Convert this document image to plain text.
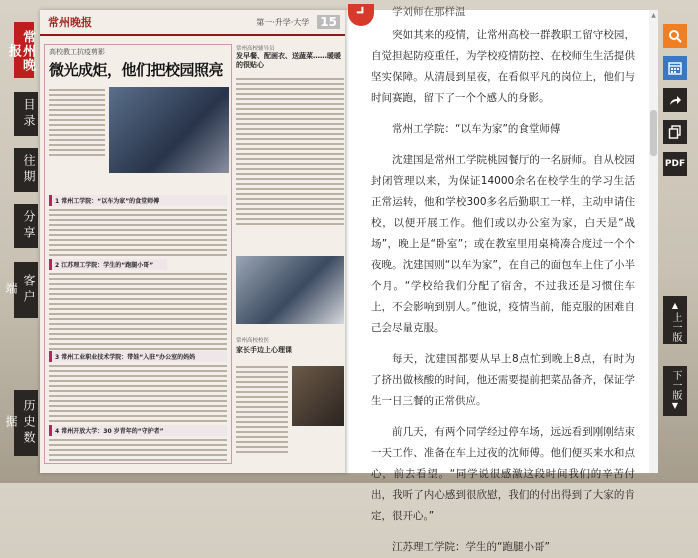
常州晚报
目录
往期
分享
客户端
历史数据
常州晚报	第一·升学·大学 15
高校教工抗疫剪影
微光成炬，他们把校园照亮
1 常州工学院：“以车为家”的食堂师傅
2 江苏理工学院：学生的“跑腿小哥”
3 常州工业职业技术学院：带娃“入驻”办公室的妈妈
4 常州开放大学：30 岁青年的“守护者”
常州高校辅导员
发早餐、配画衣、送蔬菜……暖暖的很贴心
常州高校校医
家长手边上心理课
学刘师在那样温

突如其来的疫情，让常州高校一群教职工留守校园，自觉担起防疫重任，为学校疫情防控、在校师生生活提供坚实保障。从清晨到星夜，在看似平凡的岗位上，他们与时间赛跑，留下了一个个感人的身影。

常州工学院：“以车为家”的食堂师傅

沈建国是常州工学院桃园餐厅的一名厨师。自从校园封闭管理以来，为保证14000余名在校学生的学习生活正常运转，他和学校300多名后勤职工一样，主动申请住校，以便开展工作。他们或以办公室为家，白天是“战场”，晚上是“卧室”；或在教室里用桌椅凑合度过一个个夜晚。沈建国则“以车为家”，在自己的面包车上住了小半个月。“学校给我们分配了宿舍，不过我还是习惯住车上，不会影响到别人。”他说，疫情当前，能克服的困难自己会尽量克服。

每天，沈建国都要从早上8点忙到晚上8点，有时为了挤出做核酸的时间，他还需要提前把菜品备齐，保证学生一日三餐的正常供应。

前几天，有两个同学经过停车场，远远看到刚刚结束一天工作、准备在车上过夜的沈师傅。他们便买来水和点心，前去看望。“同学说很感激这段时间我们的辛苦付出，我听了内心感到很欣慰，我们的付出得到了大家的肯定，很开心。”

江苏理工学院：学生的“跑腿小哥”

▲
PDF
▲
上一版
下一版
▼
